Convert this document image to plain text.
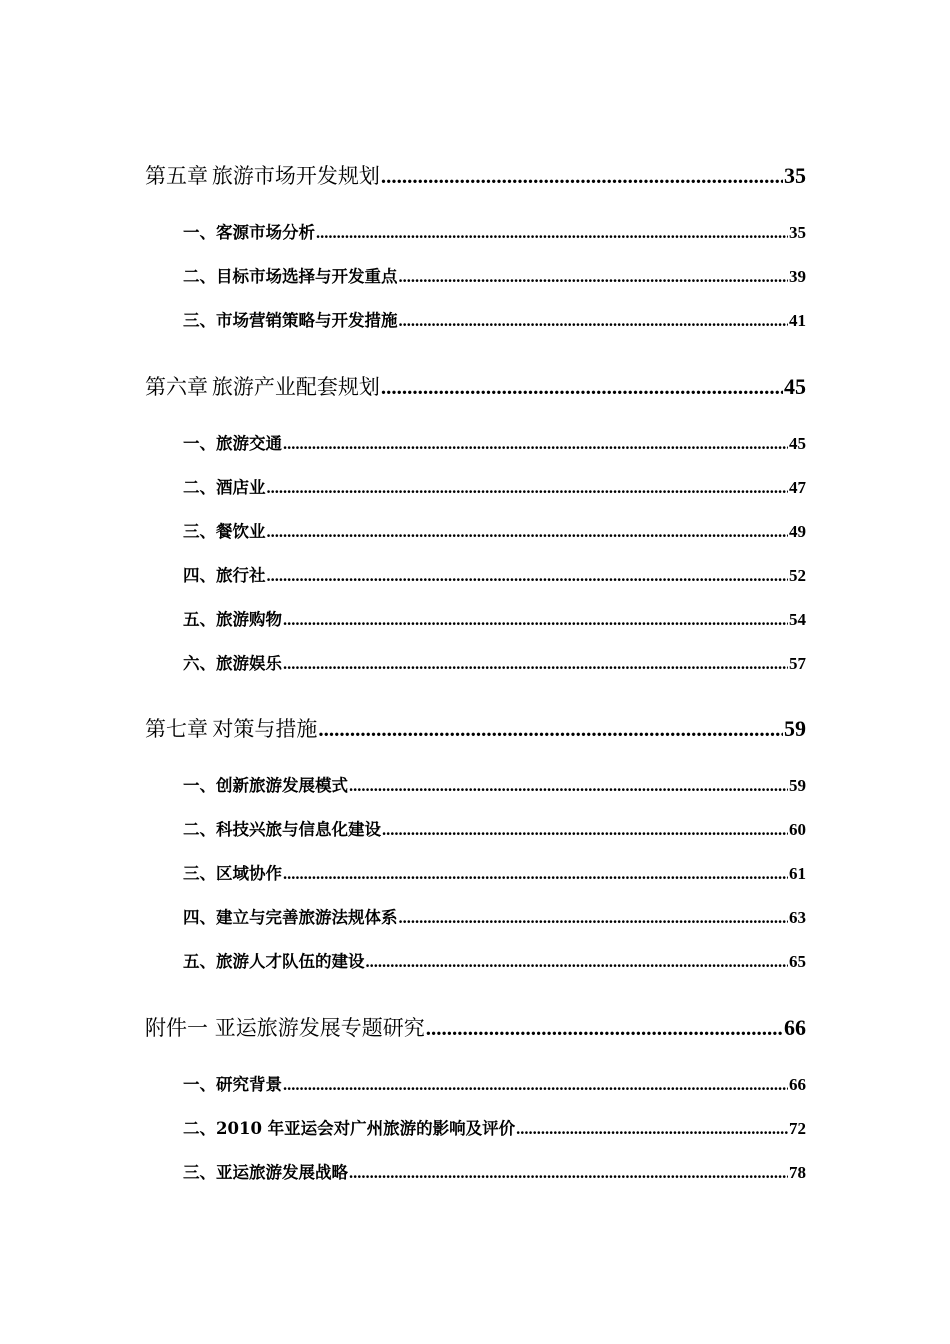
第五章 旅游市场开发规划 .....	35
一、客源市场分析 .....	35
二、目标市场选择与开发重点 .....	39
三、市场营销策略与开发措施 .....	41
第六章 旅游产业配套规划 .....	45
一、旅游交通 .....	45
二、酒店业 .....	47
三、餐饮业 .....	49
四、旅行社 .....	52
五、旅游购物 .....	54
六、旅游娱乐 .....	57
第七章 对策与措施 .....	59
一、创新旅游发展模式 .....	59
二、科技兴旅与信息化建设 .....	60
三、区域协作 .....	61
四、建立与完善旅游法规体系 .....	63
五、旅游人才队伍的建设 .....	65
附件一 亚运旅游发展专题研究 .....	66
一、研究背景 .....	66
二、2010 年亚运会对广州旅游的影响及评价 .....	72
三、亚运旅游发展战略 .....	78
